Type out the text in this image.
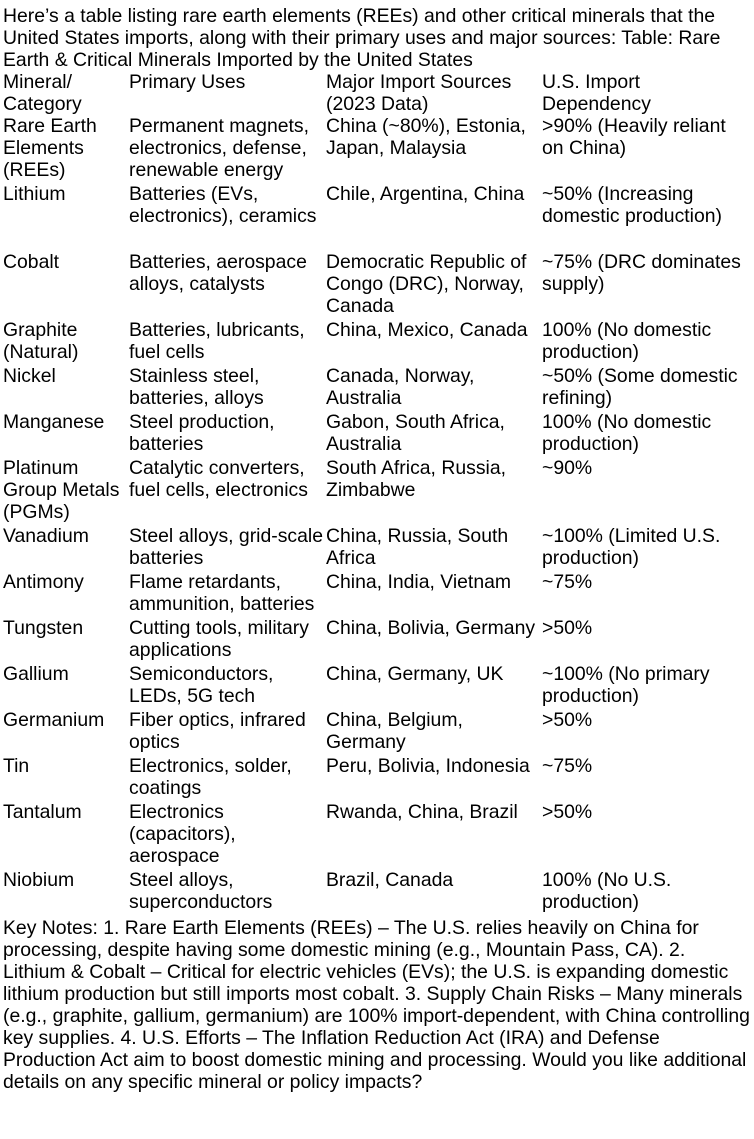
Here’s a table listing rare earth elements (REEs) and other critical minerals that the United States imports, along with their primary uses and major sources: Table: Rare Earth & Critical Minerals Imported by the United States
Mineral/ Category	Primary Uses	Major Import Sources (2023 Data)	U.S. Import Dependency
Rare Earth Elements (REEs)	Permanent magnets, electronics, defense, renewable energy	China (~80%), Estonia, Japan, Malaysia	>90% (Heavily reliant on China)
Lithium	Batteries (EVs, electronics), ceramics	Chile, Argentina, China	~50% (Increasing domestic production)
Cobalt	Batteries, aerospace alloys, catalysts	Democratic Republic of Congo (DRC), Norway, Canada	~75% (DRC dominates supply)
Graphite (Natural)	Batteries, lubricants, fuel cells	China, Mexico, Canada	100% (No domestic production)
Nickel	Stainless steel, batteries, alloys	Canada, Norway, Australia	~50% (Some domestic refining)
Manganese	Steel production, batteries	Gabon, South Africa, Australia	100% (No domestic production)
Platinum Group Metals (PGMs)	Catalytic converters, fuel cells, electronics	South Africa, Russia, Zimbabwe	~90%
Vanadium	Steel alloys, grid-scale batteries	China, Russia, South Africa	~100% (Limited U.S. production)
Antimony	Flame retardants, ammunition, batteries	China, India, Vietnam	~75%
Tungsten	Cutting tools, military applications	China, Bolivia, Germany	>50%
Gallium	Semiconductors, LEDs, 5G tech	China, Germany, UK	~100% (No primary production)
Germanium	Fiber optics, infrared optics	China, Belgium, Germany	>50%
Tin	Electronics, solder, coatings	Peru, Bolivia, Indonesia	~75%
Tantalum	Electronics (capacitors), aerospace	Rwanda, China, Brazil	>50%
Niobium	Steel alloys, superconductors	Brazil, Canada	100% (No U.S. production)
Key Notes: 1. Rare Earth Elements (REEs) – The U.S. relies heavily on China for processing, despite having some domestic mining (e.g., Mountain Pass, CA). 2. Lithium & Cobalt – Critical for electric vehicles (EVs); the U.S. is expanding domestic lithium production but still imports most cobalt. 3. Supply Chain Risks – Many minerals (e.g., graphite, gallium, germanium) are 100% import-dependent, with China controlling key supplies. 4. U.S. Efforts – The Inflation Reduction Act (IRA) and Defense Production Act aim to boost domestic mining and processing. Would you like additional details on any specific mineral or policy impacts?
